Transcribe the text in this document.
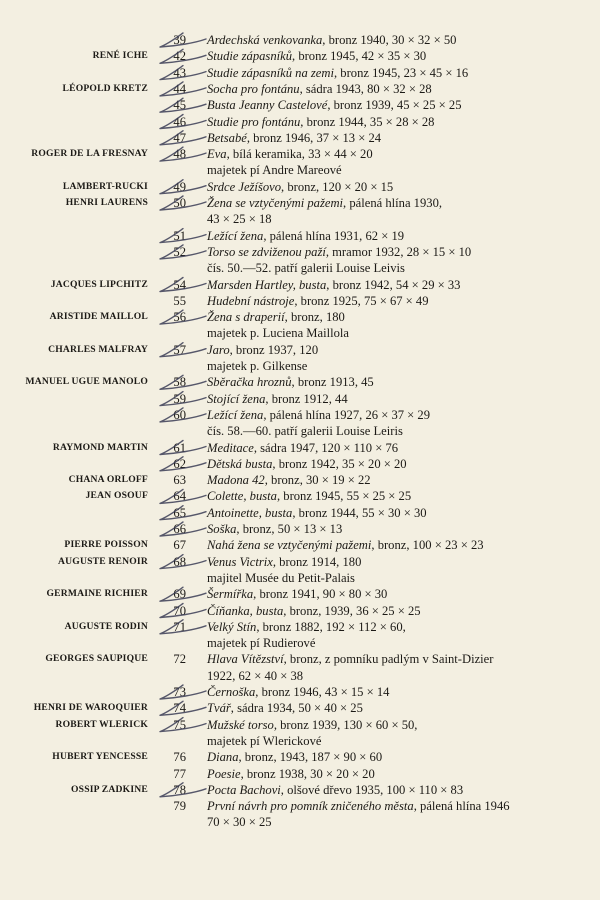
39 Ardechská venkovanka, bronz 1940, 30 × 32 × 50
RENÉ ICHE	42 Studie zápasníků, bronz 1945, 42 × 35 × 30
43 Studie zápasníků na zemi, bronz 1945, 23 × 45 × 16
LÉOPOLD KRETZ	44 Socha pro fontánu, sádra 1943, 80 × 32 × 28
45 Busta Jeanny Castelové, bronz 1939, 45 × 25 × 25
46 Studie pro fontánu, bronz 1944, 35 × 28 × 28
47 Betsabé, bronz 1946, 37 × 13 × 24
ROGER DE LA FRESNAY	48 Eva, bílá keramika, 33 × 44 × 20
majetek pí Andre Mareové
LAMBERT-RUCKI	49 Srdce Ježíšovo, bronz, 120 × 20 × 15
HENRI LAURENS	50 Žena se vztyčenými pažemi, pálená hlína 1930,
43 × 25 × 18
51 Ležící žena, pálená hlína 1931, 62 × 19
52 Torso se zdviženou paží, mramor 1932, 28 × 15 × 10
čís. 50.—52. patří galerii Louise Leivis
JACQUES LIPCHITZ	54 Marsden Hartley, busta, bronz 1942, 54 × 29 × 33
55 Hudební nástroje, bronz 1925, 75 × 67 × 49
ARISTIDE MAILLOL	56 Žena s draperií, bronz, 180
majetek p. Luciena Maillola
CHARLES MALFRAY	57 Jaro, bronz 1937, 120
majetek p. Gilkense
MANUEL UGUE MANOLO	58 Sběračka hroznů, bronz 1913, 45
59 Stojící žena, bronz 1912, 44
60 Ležící žena, pálená hlína 1927, 26 × 37 × 29
čís. 58.—60. patří galerii Louise Leiris
RAYMOND MARTIN	61 Meditace, sádra 1947, 120 × 110 × 76
62 Dětská busta, bronz 1942, 35 × 20 × 20
CHANA ORLOFF	63 Madona 42, bronz, 30 × 19 × 22
JEAN OSOUF	64 Colette, busta, bronz 1945, 55 × 25 × 25
65 Antoinette, busta, bronz 1944, 55 × 30 × 30
66 Soška, bronz, 50 × 13 × 13
PIERRE POISSON	67 Nahá žena se vztyčenými pažemi, bronz, 100 × 23 × 23
AUGUSTE RENOIR	68 Venus Victrix, bronz 1914, 180
majitel Musée du Petit-Palais
GERMAINE RICHIER	69 Šermířka, bronz 1941, 90 × 80 × 30
70 Číňanka, busta, bronz, 1939, 36 × 25 × 25
AUGUSTE RODIN	71 Velký Stín, bronz 1882, 192 × 112 × 60,
majetek pí Rudierové
GEORGES SAUPIQUE	72 Hlava Vítězství, bronz, z pomníku padlým v Saint-Dizier
1922, 62 × 40 × 38
73 Černoška, bronz 1946, 43 × 15 × 14
HENRI DE WAROQUIER	74 Tvář, sádra 1934, 50 × 40 × 25
ROBERT WLERICK	75 Mužské torso, bronz 1939, 130 × 60 × 50,
majetek pí Wlerickové
HUBERT YENCESSE	76 Diana, bronz, 1943, 187 × 90 × 60
77 Poesie, bronz 1938, 30 × 20 × 20
OSSIP ZADKINE	78 Pocta Bachovi, olšové dřevo 1935, 100 × 110 × 83
79 První návrh pro pomník zničeného města, pálená hlína 1946
70 × 30 × 25
